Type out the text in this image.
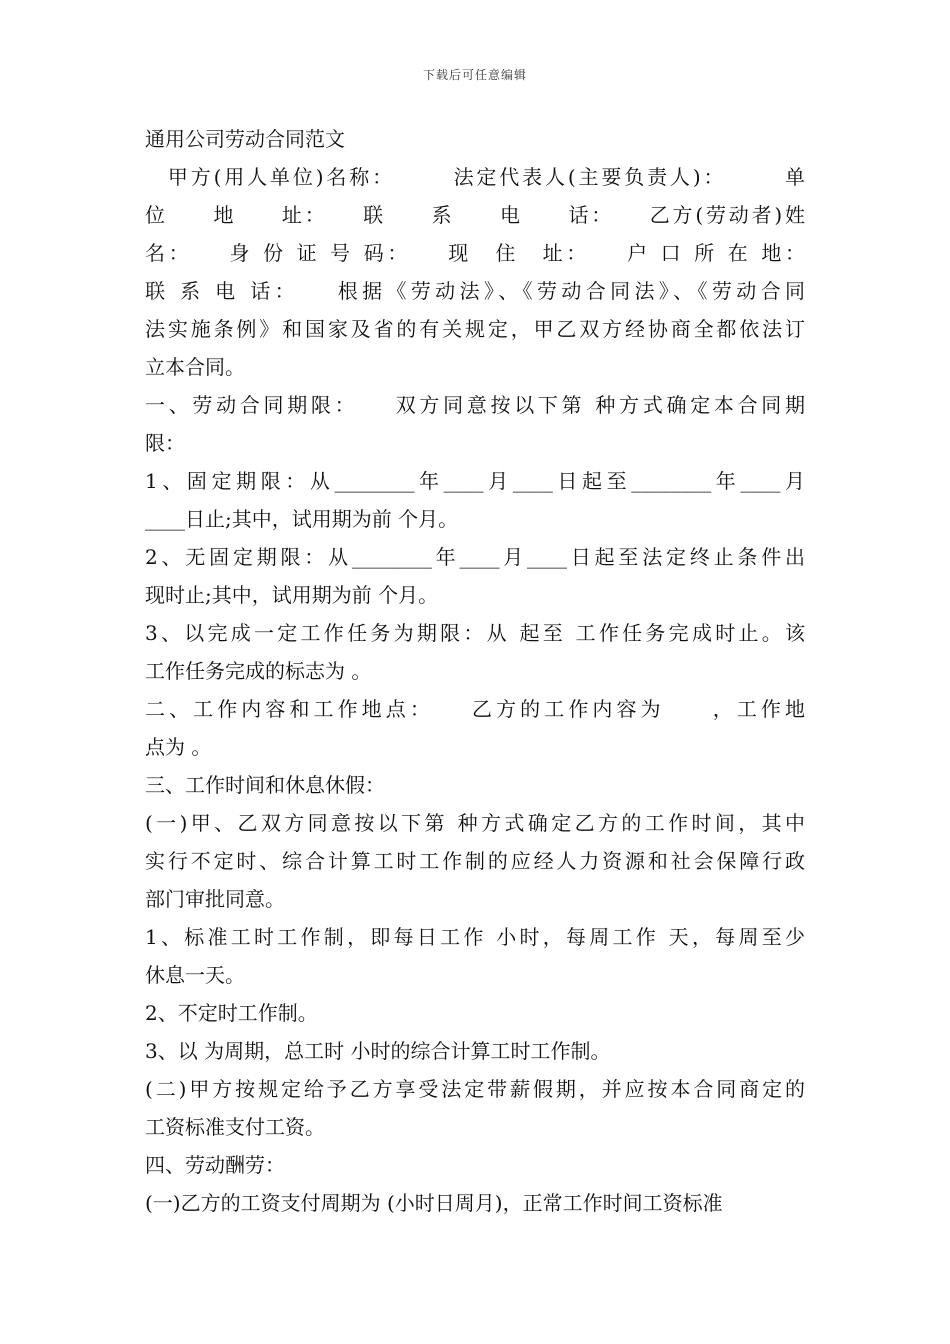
下载后可任意编辑
通用公司劳动合同范文
　甲方(用人单位)名称：　　　法定代表人(主要负责人)：　　　单
位　　地　　址：　　联　　系　　电　　话：　　乙方(劳动者)姓
名：　　身 份 证 号 码：　　现　住　址：　　户 口 所 在 地：
联 系 电 话：　　根据《劳动法》、《劳动合同法》、《劳动合同
法实施条例》和国家及省的有关规定，甲乙双方经协商全都依法订
立本合同。
一、劳动合同期限：　　双方同意按以下第 种方式确定本合同期
限：
1、固定期限：从________年____月____日起至________年____月
____日止;其中，试用期为前 个月。
2、无固定期限：从________年____月____日起至法定终止条件出
现时止;其中，试用期为前 个月。
3、以完成一定工作任务为期限：从 起至 工作任务完成时止。该
工作任务完成的标志为 。
二、工作内容和工作地点：　　乙方的工作内容为　　，工作地
点为 。
三、工作时间和休息休假：
(一)甲、乙双方同意按以下第 种方式确定乙方的工作时间，其中
实行不定时、综合计算工时工作制的应经人力资源和社会保障行政
部门审批同意。
1、标准工时工作制，即每日工作 小时，每周工作 天，每周至少
休息一天。
2、不定时工作制。
3、以 为周期，总工时 小时的综合计算工时工作制。
(二)甲方按规定给予乙方享受法定带薪假期，并应按本合同商定的
工资标准支付工资。
四、劳动酬劳：
(一)乙方的工资支付周期为 (小时日周月)，正常工作时间工资标准
